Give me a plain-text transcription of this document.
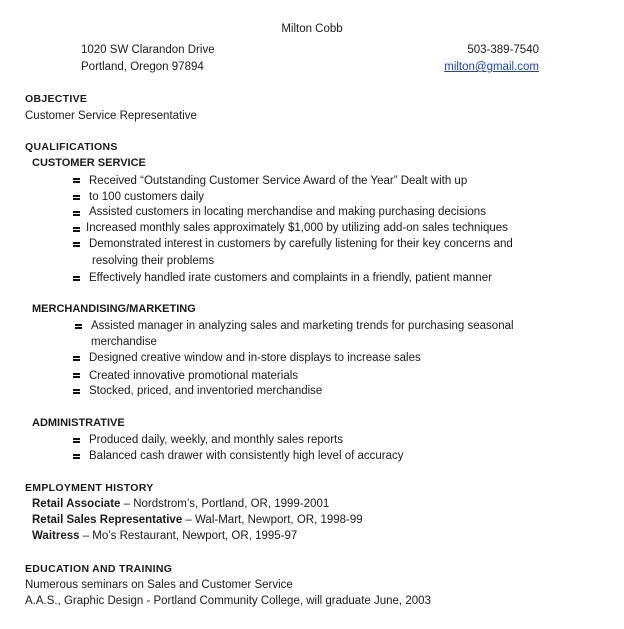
Milton Cobb
1020 SW Clarandon Drive
Portland, Oregon 97894
503-389-7540
milton@gmail.com
OBJECTIVE
Customer Service Representative
QUALIFICATIONS
CUSTOMER SERVICE
Received “Outstanding Customer Service Award of the Year” Dealt with up
to 100 customers daily
Assisted customers in locating merchandise and making purchasing decisions
Increased monthly sales approximately $1,000 by utilizing add-on sales techniques
Demonstrated interest in customers by carefully listening for their key concerns and
resolving their problems
Effectively handled irate customers and complaints in a friendly, patient manner
MERCHANDISING/MARKETING
Assisted manager in analyzing sales and marketing trends for purchasing seasonal
merchandise
Designed creative window and in-store displays to increase sales
Created innovative promotional materials
Stocked, priced, and inventoried merchandise
ADMINISTRATIVE
Produced daily, weekly, and monthly sales reports
Balanced cash drawer with consistently high level of accuracy
EMPLOYMENT HISTORY
Retail Associate – Nordstrom’s, Portland, OR, 1999-2001
Retail Sales Representative – Wal-Mart, Newport, OR, 1998-99
Waitress – Mo’s Restaurant, Newport, OR, 1995-97
EDUCATION AND TRAINING
Numerous seminars on Sales and Customer Service
A.A.S., Graphic Design - Portland Community College, will graduate June, 2003
